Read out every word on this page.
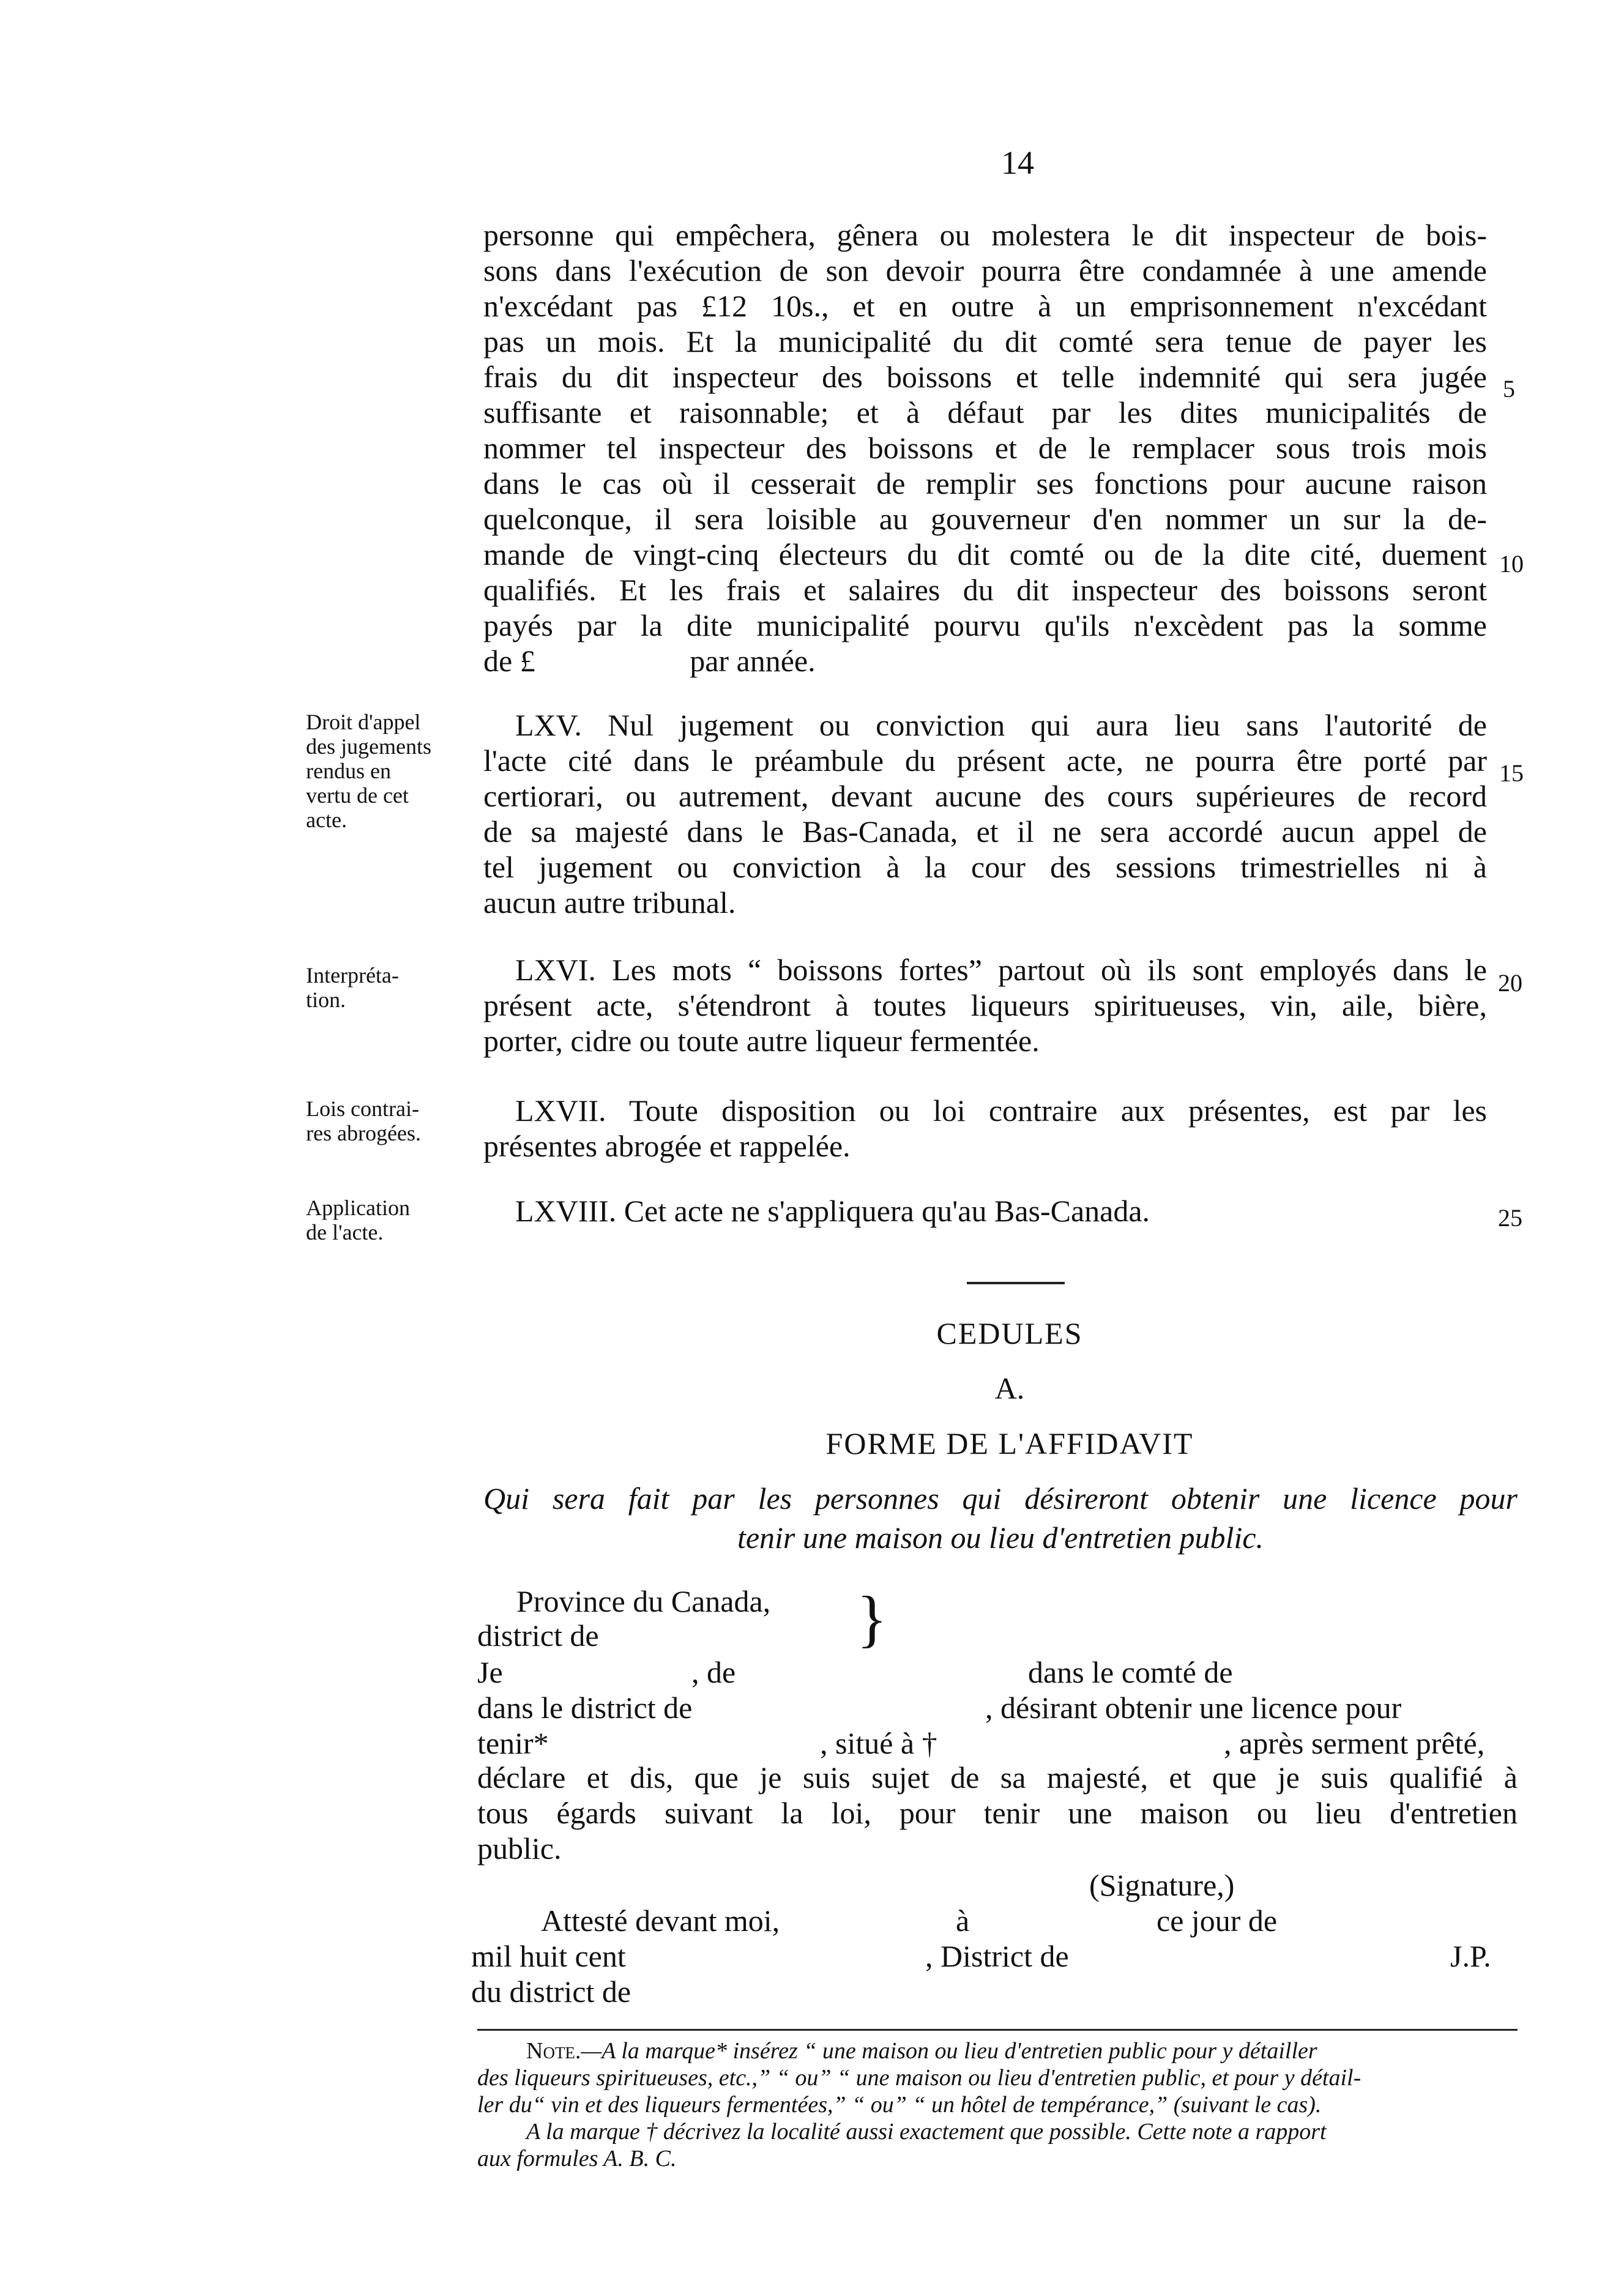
14
personne qui empêchera, gênera ou molestera le dit inspecteur de bois-
sons dans l'exécution de son devoir pourra être condamnée à une amende
n'excédant pas £12 10s., et en outre à un emprisonnement n'excédant
pas un mois. Et la municipalité du dit comté sera tenue de payer les
frais du dit inspecteur des boissons et telle indemnité qui sera jugée
suffisante et raisonnable; et à défaut par les dites municipalités de
nommer tel inspecteur des boissons et de le remplacer sous trois mois
dans le cas où il cesserait de remplir ses fonctions pour aucune raison
quelconque, il sera loisible au gouverneur d'en nommer un sur la de-
mande de vingt-cinq électeurs du dit comté ou de la dite cité, duement
qualifiés. Et les frais et salaires du dit inspecteur des boissons seront
payés par la dite municipalité pourvu qu'ils n'excèdent pas la somme
de £	par année.
5
10
15
20
25
Droit d'appel
des jugements
rendus en
vertu de cet
acte.
LXV. Nul jugement ou conviction qui aura lieu sans l'autorité de
l'acte cité dans le préambule du présent acte, ne pourra être porté par
certiorari, ou autrement, devant aucune des cours supérieures de record
de sa majesté dans le Bas-Canada, et il ne sera accordé aucun appel de
tel jugement ou conviction à la cour des sessions trimestrielles ni à
aucun autre tribunal.
Interpréta-
tion.
LXVI. Les mots “ boissons fortes” partout où ils sont employés dans le
présent acte, s'étendront à toutes liqueurs spiritueuses, vin, aile, bière,
porter, cidre ou toute autre liqueur fermentée.
Lois contrai-
res abrogées.
LXVII. Toute disposition ou loi contraire aux présentes, est par les
présentes abrogée et rappelée.
Application
de l'acte.
LXVIII. Cet acte ne s'appliquera qu'au Bas-Canada.
CEDULES
A.
FORME DE L'AFFIDAVIT
Qui sera fait par les personnes qui désireront obtenir une licence pour
tenir une maison ou lieu d'entretien public.
Province du Canada,
district de	}
Je	, de	dans le comté de
dans le district de	, désirant obtenir une licence pour
tenir*	, situé à †	, après serment prêté,
déclare et dis, que je suis sujet de sa majesté, et que je suis qualifié à
tous égards suivant la loi, pour tenir une maison ou lieu d'entretien
public.
(Signature,)
Attesté devant moi,	à	ce jour de
mil huit cent	, District de	J.P.
du district de
Note.—A la marque* insérez “ une maison ou lieu d'entretien public pour y détailler
des liqueurs spiritueuses, etc.,” “ ou” “ une maison ou lieu d'entretien public, et pour y détail-
ler du“ vin et des liqueurs fermentées,” “ ou” “ un hôtel de tempérance,” (suivant le cas).
A la marque † décrivez la localité aussi exactement que possible. Cette note a rapport
aux formules A. B. C.
